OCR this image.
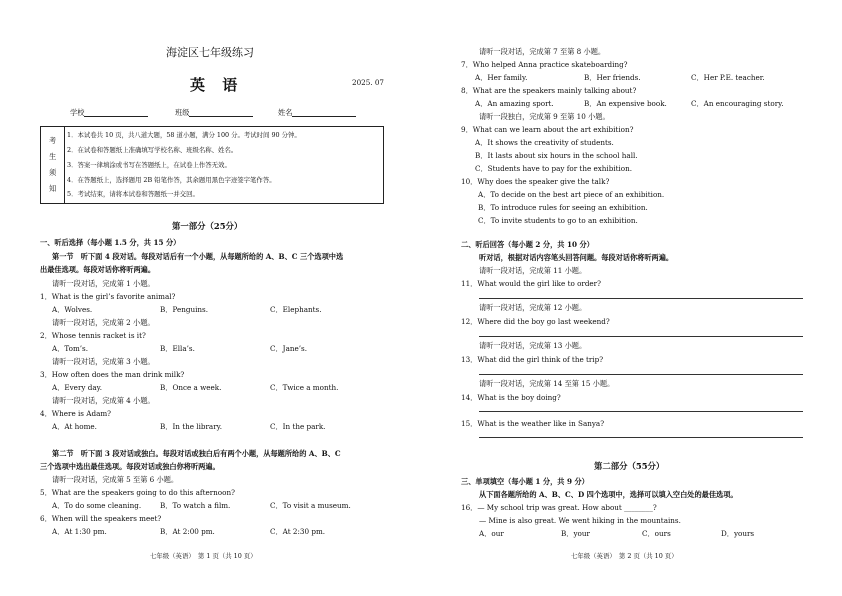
海淀区七年级练习
英 语	2025. 07
学校	班级	姓名
考
生
须
知
1．本试卷共 10 页，共八道大题，58 道小题，满分 100 分。考试时间 90 分钟。
2．在试卷和答题纸上准确填写学校名称、班级名称、姓名。
3．答案一律填涂或书写在答题纸上，在试卷上作答无效。
4．在答题纸上，选择题用 2B 铅笔作答，其余题用黑色字迹签字笔作答。
5．考试结束，请将本试卷和答题纸一并交回。
第一部分（25分）
一、听后选择（每小题 1.5 分，共 15 分）
第一节　听下面 4 段对话。每段对话后有一个小题，从每题所给的 A、B、C 三个选项中选
出最佳选项。每段对话你将听两遍。
请听一段对话，完成第 1 小题。
1．What is the girl’s favorite animal?
A．Wolves.	B．Penguins.	C．Elephants.
请听一段对话，完成第 2 小题。
2．Whose tennis racket is it?
A．Tom’s.	B．Ella’s.	C．Jane’s.
请听一段对话，完成第 3 小题。
3．How often does the man drink milk?
A．Every day.	B．Once a week.	C．Twice a month.
请听一段对话，完成第 4 小题。
4．Where is Adam?
A．At home.	B．In the library.	C．In the park.
第二节　听下面 3 段对话或独白。每段对话或独白后有两个小题，从每题所给的 A、B、C
三个选项中选出最佳选项。每段对话或独白你将听两遍。
请听一段对话，完成第 5 至第 6 小题。
5．What are the speakers going to do this afternoon?
A．To do some cleaning.	B．To watch a film.	C．To visit a museum.
6．When will the speakers meet?
A．At 1:30 pm.	B．At 2:00 pm.	C．At 2:30 pm.
七年级（英语）　第 1 页（共 10 页）
请听一段对话，完成第 7 至第 8 小题。
7．Who helped Anna practice skateboarding?
A．Her family.	B．Her friends.	C．Her P.E. teacher.
8．What are the speakers mainly talking about?
A．An amazing sport.	B．An expensive book.	C．An encouraging story.
请听一段独白，完成第 9 至第 10 小题。
9．What can we learn about the art exhibition?
A．It shows the creativity of students.
B．It lasts about six hours in the school hall.
C．Students have to pay for the exhibition.
10．Why does the speaker give the talk?
A．To decide on the best art piece of an exhibition.
B．To introduce rules for seeing an exhibition.
C．To invite students to go to an exhibition.
二、听后回答（每小题 2 分，共 10 分）
听对话，根据对话内容笔头回答问题。每段对话你将听两遍。
请听一段对话，完成第 11 小题。
11．What would the girl like to order?
请听一段对话，完成第 12 小题。
12．Where did the boy go last weekend?
请听一段对话，完成第 13 小题。
13．What did the girl think of the trip?
请听一段对话，完成第 14 至第 15 小题。
14．What is the boy doing?
15．What is the weather like in Sanya?
第二部分（55分）
三、单项填空（每小题 1 分，共 9 分）
从下面各题所给的 A、B、C、D 四个选项中，选择可以填入空白处的最佳选项。
16．— My school trip was great. How about ________?
— Mine is also great. We went hiking in the mountains.
A．our	B．your	C．ours	D．yours
七年级（英语）　第 2 页（共 10 页）
